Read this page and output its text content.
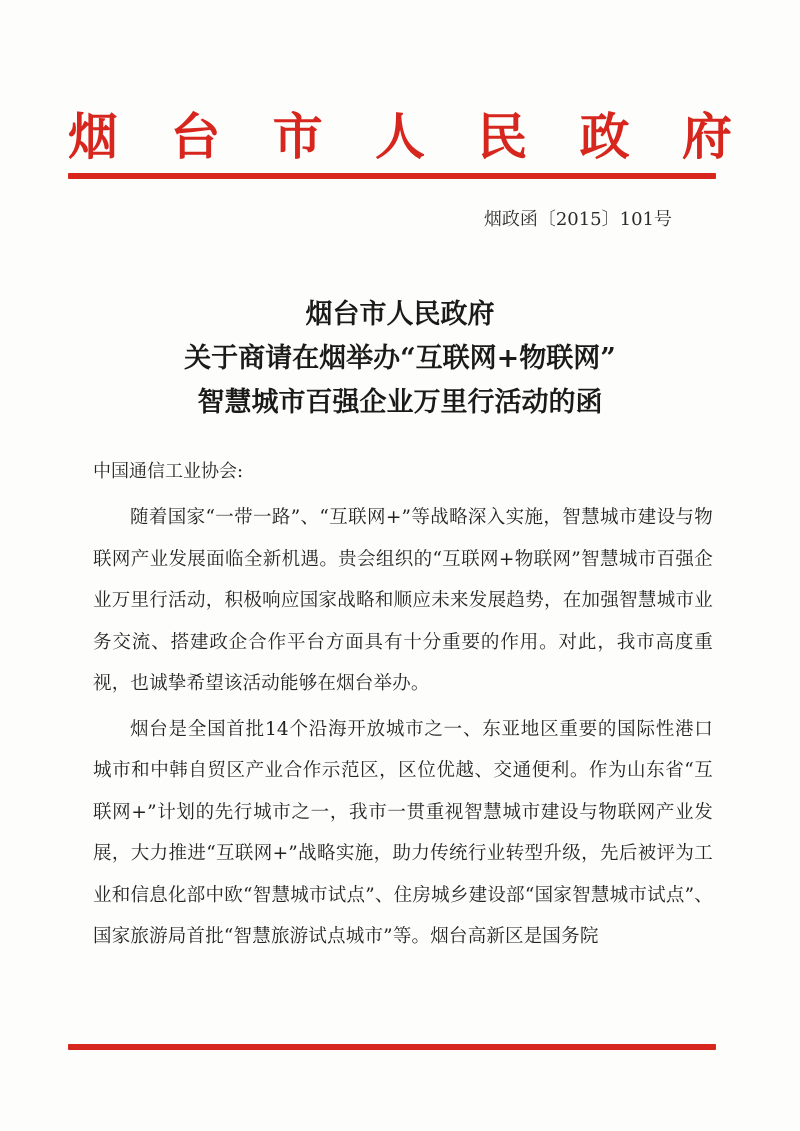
烟 台 市 人 民 政 府
烟政函〔2015〕101号
烟台市人民政府
关于商请在烟举办“互联网+物联网”
智慧城市百强企业万里行活动的函
中国通信工业协会:

随着国家“一带一路”、“互联网+”等战略深入实施，智慧城市建设与物联网产业发展面临全新机遇。贵会组织的“互联网+物联网”智慧城市百强企业万里行活动，积极响应国家战略和顺应未来发展趋势，在加强智慧城市业务交流、搭建政企合作平台方面具有十分重要的作用。对此，我市高度重视，也诚挚希望该活动能够在烟台举办。

烟台是全国首批14个沿海开放城市之一、东亚地区重要的国际性港口城市和中韩自贸区产业合作示范区，区位优越、交通便利。作为山东省“互联网+”计划的先行城市之一，我市一贯重视智慧城市建设与物联网产业发展，大力推进“互联网+”战略实施，助力传统行业转型升级，先后被评为工业和信息化部中欧“智慧城市试点”、住房城乡建设部“国家智慧城市试点”、国家旅游局首批“智慧旅游试点城市”等。烟台高新区是国务院
